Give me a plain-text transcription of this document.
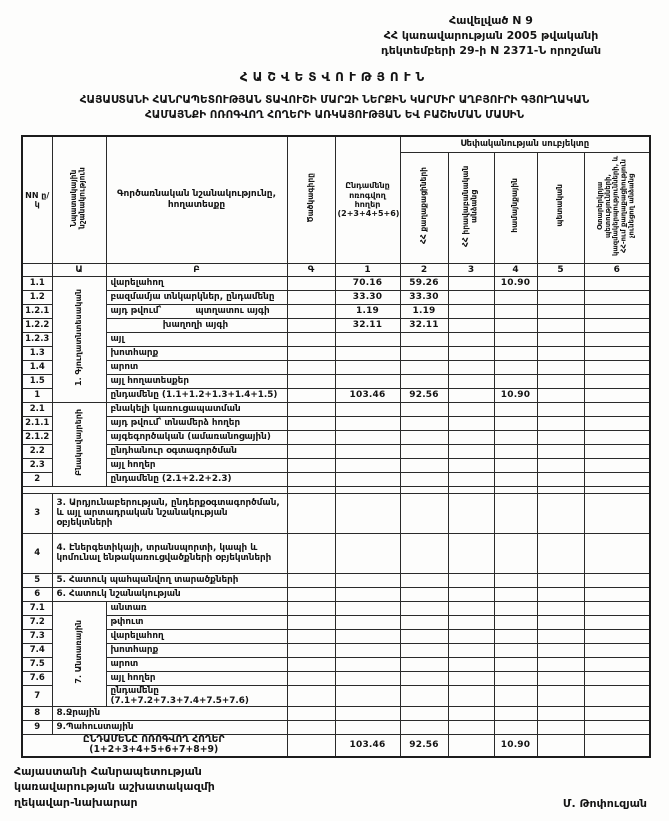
Հավելված N 9
ՀՀ կառավարության 2005 թվականի
դեկտեմբերի 29-ի N 2371-Ն որոշման
ՀԱՇՎԵՏՎՈՒԹՅՈՒՆ
ՀԱՅԱՍՏԱՆԻ ՀԱՆՐԱՊԵՏՈՒԹՅԱՆ ՏԱՎՈՒՇԻ ՄԱՐԶԻ ՆԵՐՔԻՆ ԿԱՐՄԻՐ ԱՂԲՅՈՒՐԻ ԳՅՈՒՂԱԿԱՆ
ՀԱՄԱՅՆՔԻ ՈՌՈԳՎՈՂ ՀՈՂԵՐԻ ԱՌԿԱՅՈՒԹՅԱՆ ԵՎ ԲԱՇԽՄԱՆ ՄԱՍԻՆ
NN ը/կ	Նպատակային նշանակություն	Գործառնական նշանակությունը, հողատեսքը	Ծածկագիրը	Ընդամենը ոռոգվող հողեր (2+3+4+5+6)	Սեփականության սուբյեկտը				
					ՀՀ քաղաքացիների	ՀՀ իրավաբանական անձանց	համայնքային	պետական	Օտարերկրյա պետությունների, կազմակերպությունների, և ՀՀ-ում քաղաքացիություն չունեցող անձանց
	Ա	Բ	Գ	1	2	3	4	5	6
1.1	1. Գյուղատնտեսական	վարելահող		70.16	59.26		10.90		
1.2		բազմամյա տնկարկներ, ընդամենը		33.30	33.30				
1.2.1		այդ թվում՝ պտղատու այգի		1.19	1.19				
1.2.2		խաղողի այգի		32.11	32.11				
1.2.3		այլ							
1.3		խոտհարք							
1.4		արոտ							
1.5		այլ հողատեսքեր							
1		ընդամենը (1.1+1.2+1.3+1.4+1.5)		103.46	92.56		10.90		
2.1	Բնակավայրերի	բնակելի կառուցապատման							
2.1.1		այդ թվում՝ տնամերձ հողեր							
2.1.2		այգեգործական (ամառանոցային)							
2.2		ընդհանուր օգտագործման							
2.3		այլ հողեր							
2		ընդամենը (2.1+2.2+2.3)							

3	3. Արդյունաբերության, ընդերքօգտագործման, և այլ արտադրական նշանակության օբյեկտների								
4	4. Էներգետիկայի, տրանսպորտի, կապի և կոմունալ ենթակառուցվածքների օբյեկտների								
5	5. Հատուկ պահպանվող տարածքների								
6	6. Հատուկ նշանակության								
7.1	7. Անտառային	անտառ							
7.2		թփուտ							
7.3		վարելահող							
7.4		խոտհարք							
7.5		արոտ							
7.6		այլ հողեր							
7		ընդամենը (7.1+7.2+7.3+7.4+7.5+7.6)							
8	8.Ջրային								
9	9.Պահուստային								
ԸՆԴԱՄԵՆԸ ՈՌՈԳՎՈՂ ՀՈՂԵՐ (1+2+3+4+5+6+7+8+9)				103.46	92.56		10.90		
Հայաստանի Հանրապետության
կառավարության աշխատակազմի
ղեկավար-նախարար	Մ. Թոփուզյան
